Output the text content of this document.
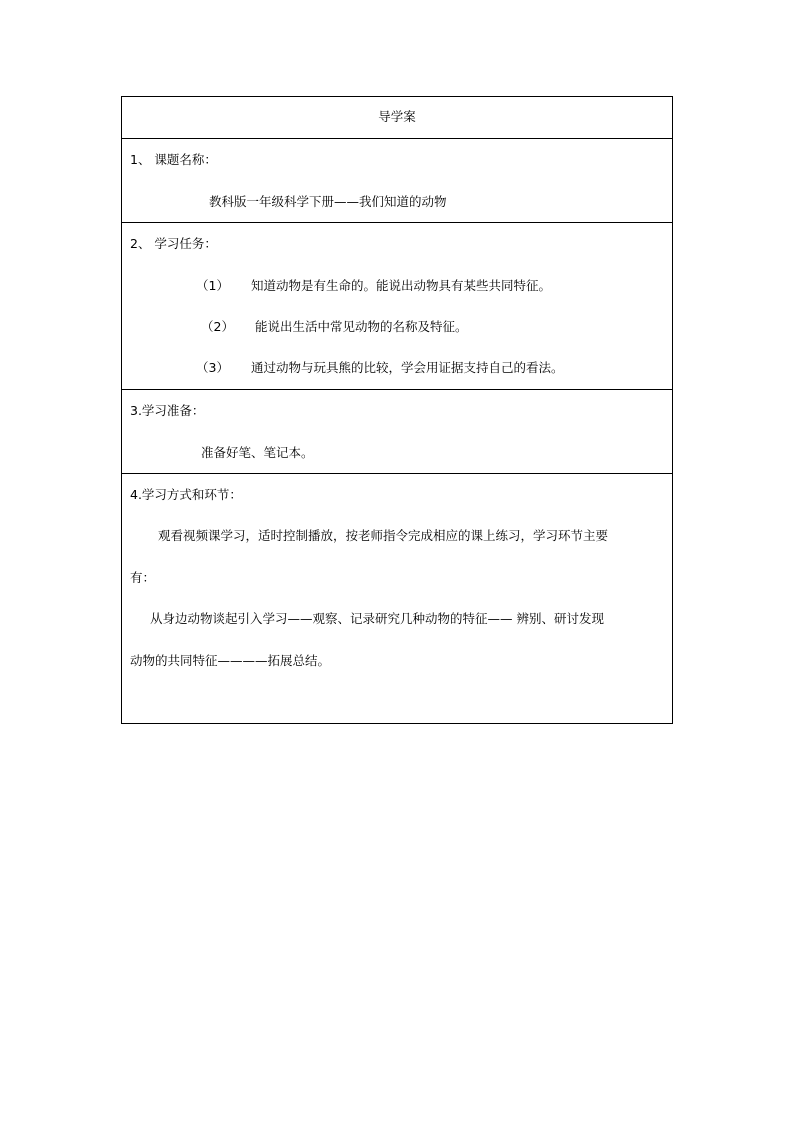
导学案
1、 课题名称：
教科版一年级科学下册——我们知道的动物
2、 学习任务：
（1） 知道动物是有生命的。能说出动物具有某些共同特征。
（2） 能说出生活中常见动物的名称及特征。
（3） 通过动物与玩具熊的比较，学会用证据支持自己的看法。
3.学习准备：
准备好笔、笔记本。
4.学习方式和环节：
观看视频课学习，适时控制播放，按老师指令完成相应的课上练习，学习环节主要
有：
从身边动物谈起引入学习——观察、记录研究几种动物的特征—— 辨别、研讨发现
动物的共同特征————拓展总结。
